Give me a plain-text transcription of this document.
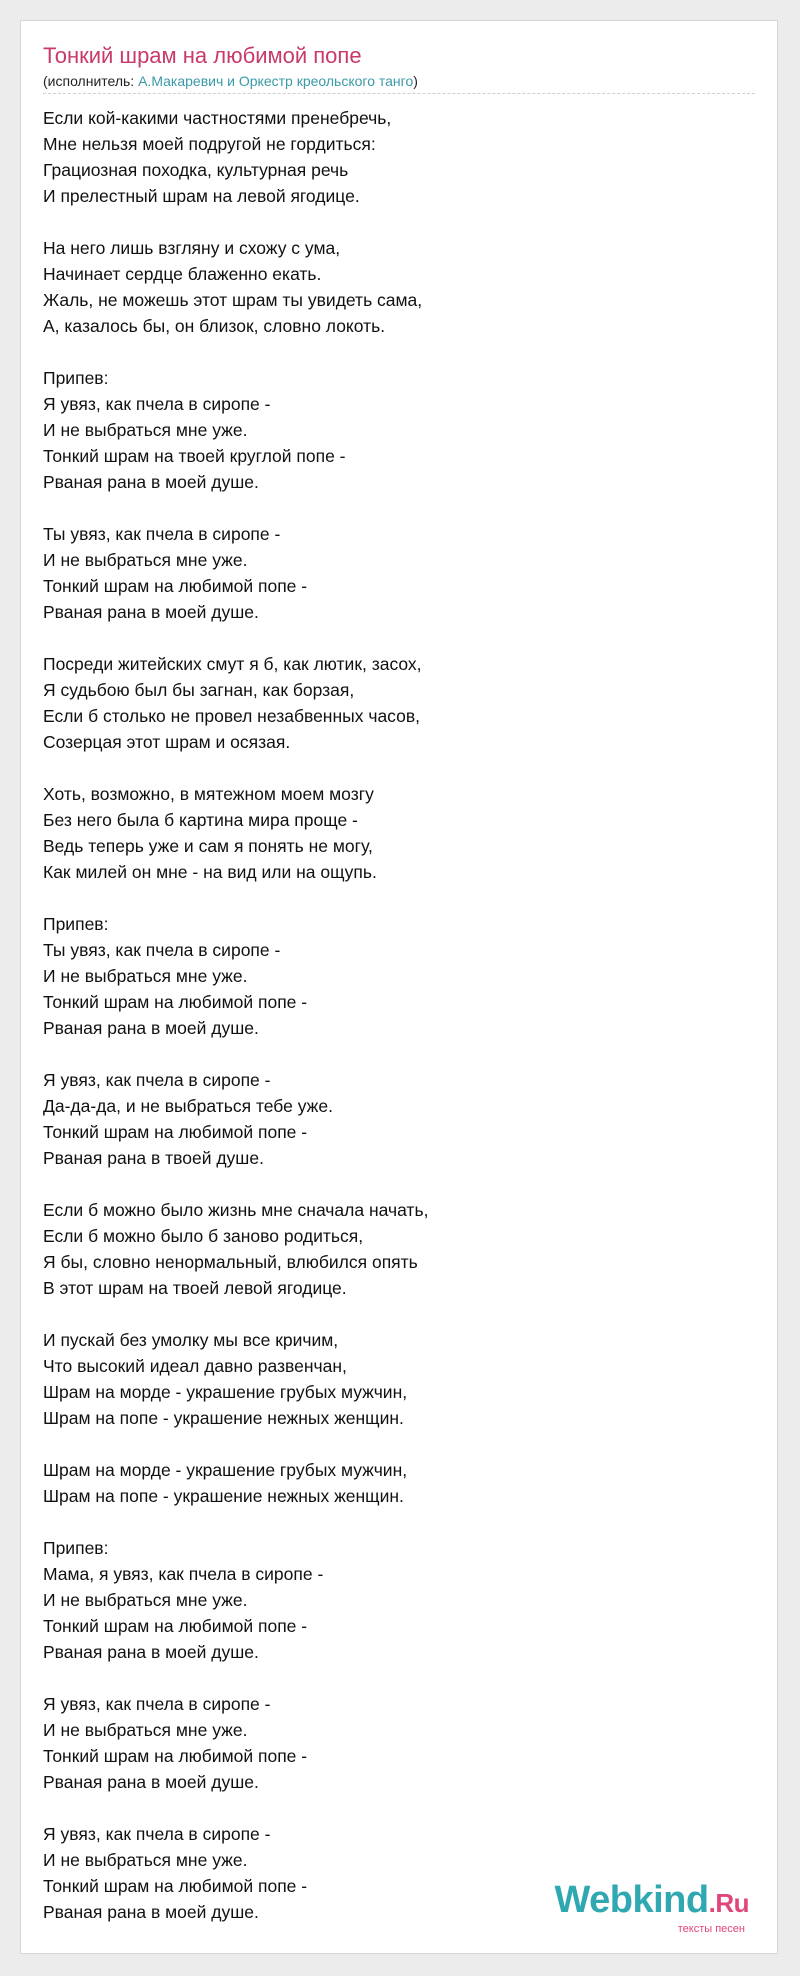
Тонкий шрам на любимой попе
(исполнитель: А.Макаревич и Оркестр креольского танго)
Если кой-какими частностями пренебречь,
Мне нельзя моей подругой не гордиться:
Грациозная походка, культурная речь
И прелестный шрам на левой ягодице.
На него лишь взгляну и схожу с ума,
Начинает сердце блаженно екать.
Жаль, не можешь этот шрам ты увидеть сама,
А, казалось бы, он близок, словно локоть.
Припев:
Я увяз, как пчела в сиропе -
И не выбраться мне уже.
Тонкий шрам на твоей круглой попе -
Рваная рана в моей душе.
Ты увяз, как пчела в сиропе -
И не выбраться мне уже.
Тонкий шрам на любимой попе -
Рваная рана в моей душе.
Посреди житейских смут я б, как лютик, засох,
Я судьбою был бы загнан, как борзая,
Если б столько не провел незабвенных часов,
Созерцая этот шрам и осязая.
Хоть, возможно, в мятежном моем мозгу
Без него была б картина мира проще -
Ведь теперь уже и сам я понять не могу,
Как милей он мне - на вид или на ощупь.
Припев:
Ты увяз, как пчела в сиропе -
И не выбраться мне уже.
Тонкий шрам на любимой попе -
Рваная рана в моей душе.
Я увяз, как пчела в сиропе -
Да-да-да, и не выбраться тебе уже.
Тонкий шрам на любимой попе -
Рваная рана в твоей душе.
Если б можно было жизнь мне сначала начать,
Если б можно было б заново родиться,
Я бы, словно ненормальный, влюбился опять
В этот шрам на твоей левой ягодице.
И пускай без умолку мы все кричим,
Что высокий идеал давно развенчан,
Шрам на морде - украшение грубых мужчин,
Шрам на попе - украшение нежных женщин.
Шрам на морде - украшение грубых мужчин,
Шрам на попе - украшение нежных женщин.
Припев:
Мама, я увяз, как пчела в сиропе -
И не выбраться мне уже.
Тонкий шрам на любимой попе -
Рваная рана в моей душе.
Я увяз, как пчела в сиропе -
И не выбраться мне уже.
Тонкий шрам на любимой попе -
Рваная рана в моей душе.
Я увяз, как пчела в сиропе -
И не выбраться мне уже.
Тонкий шрам на любимой попе -
Рваная рана в моей душе.	Webkind.Ru
тексты песен
